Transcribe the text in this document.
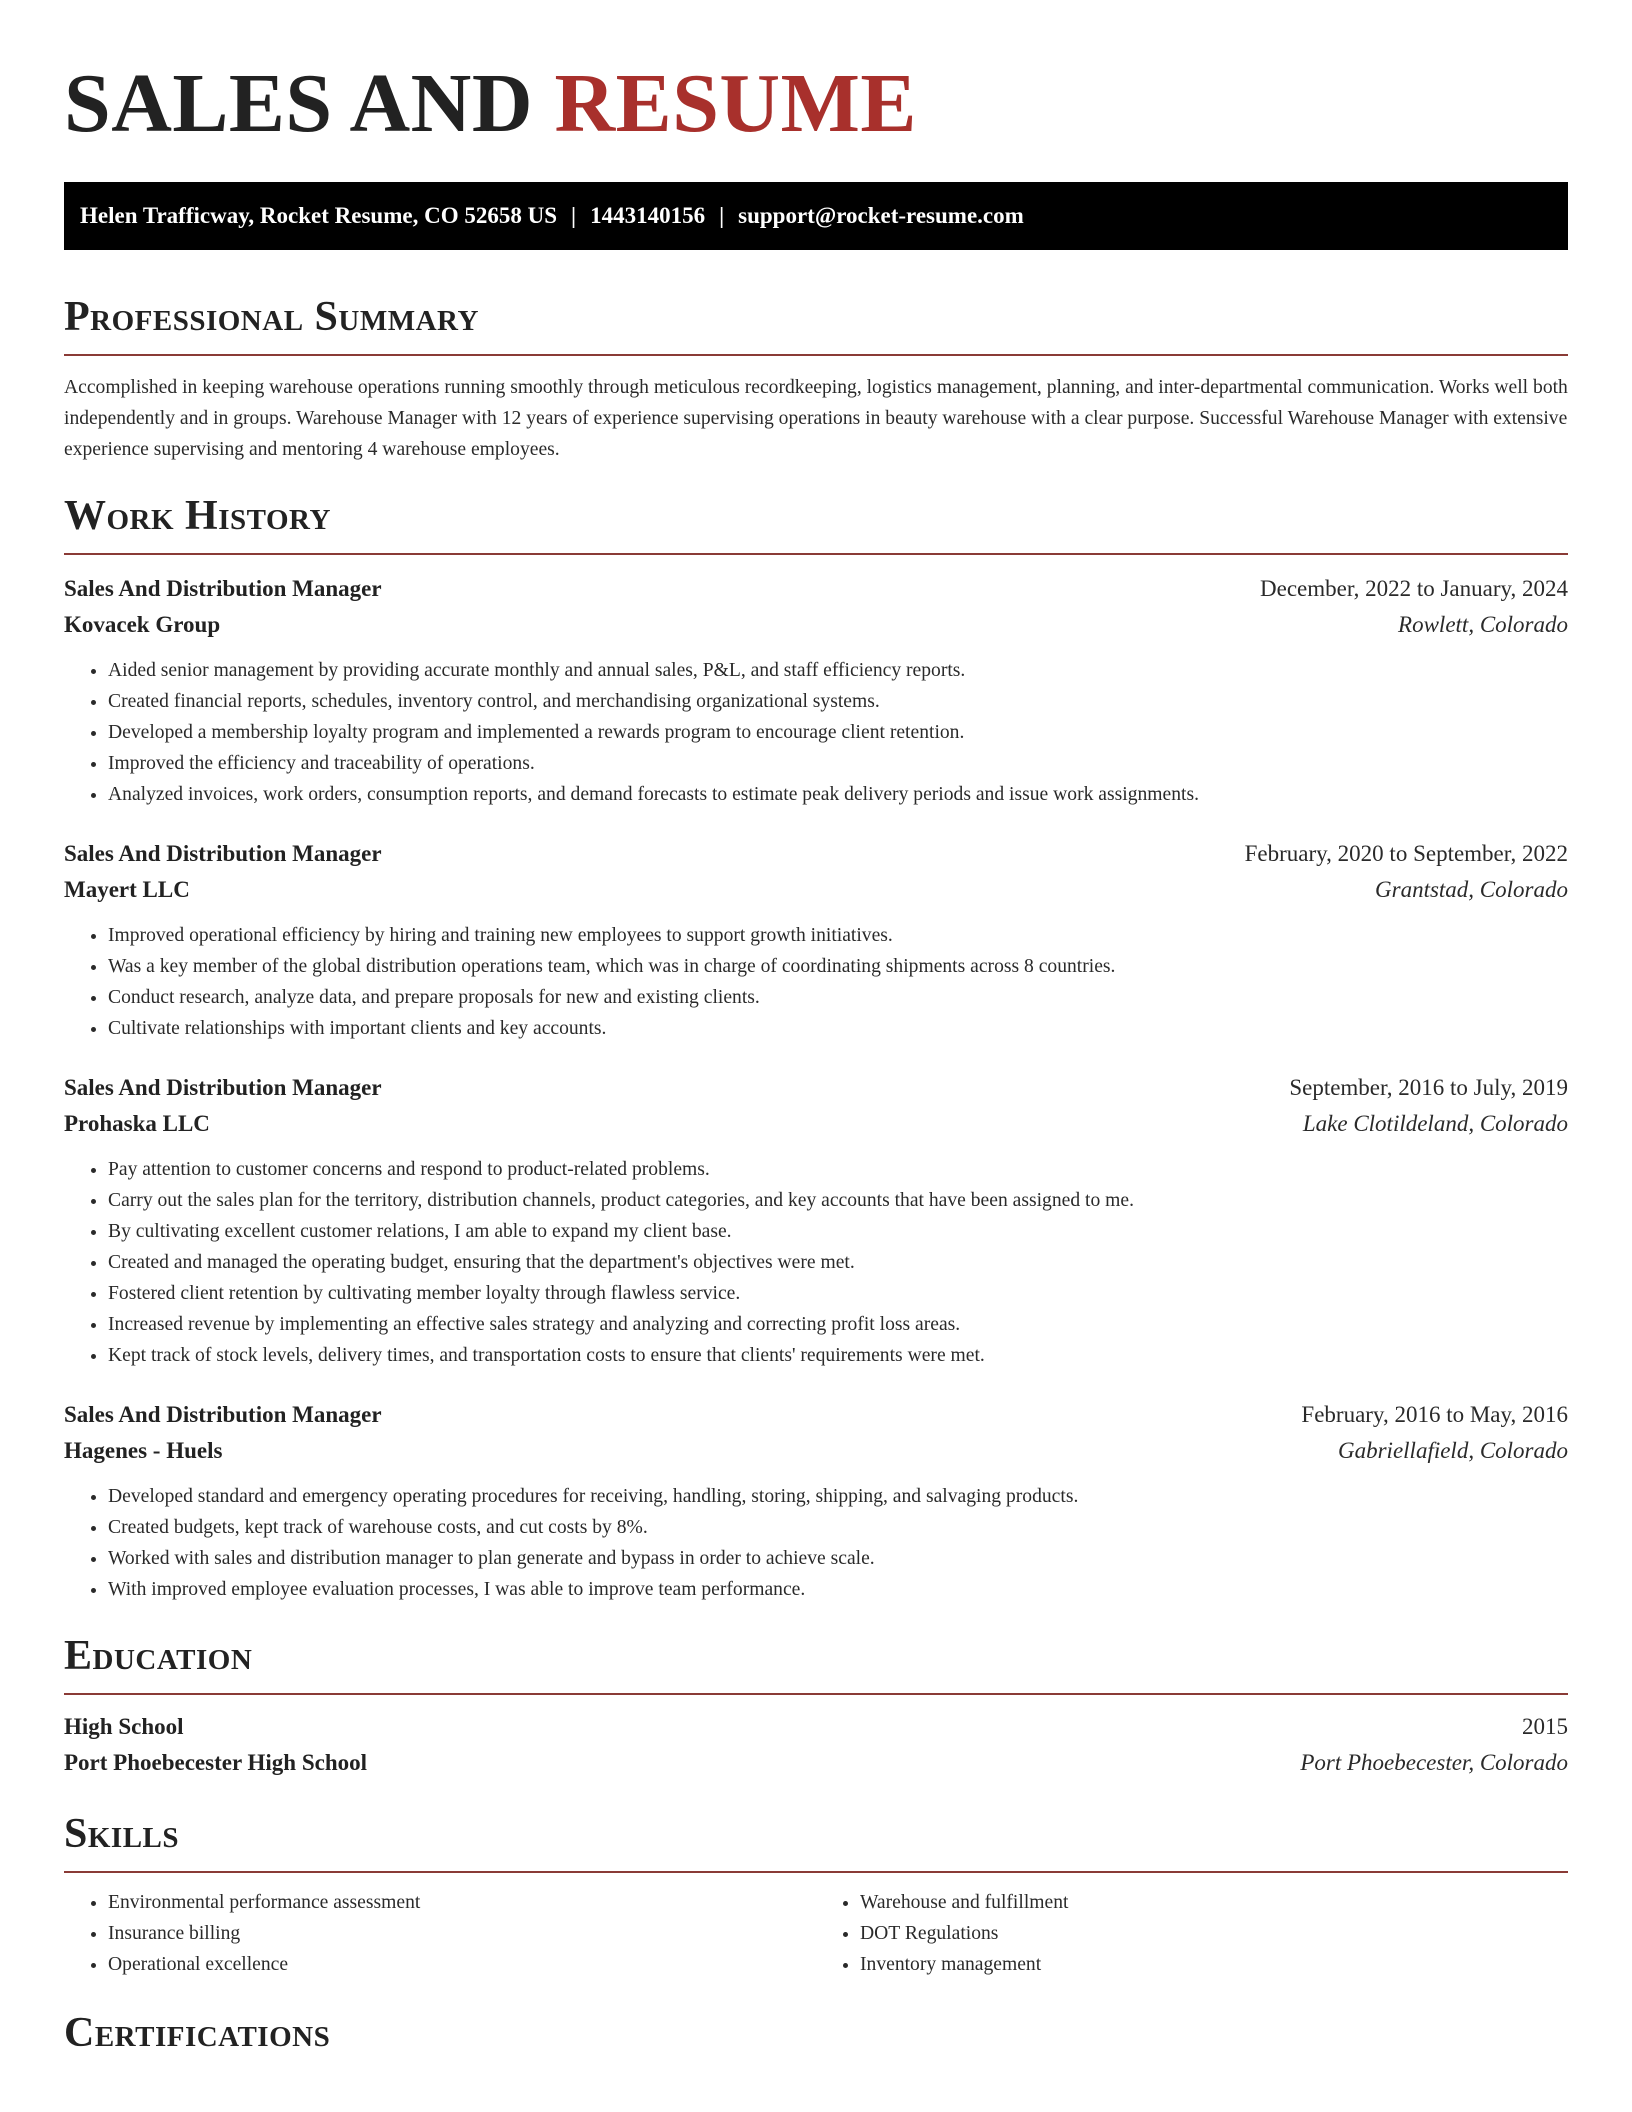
SALES AND RESUME
Helen Trafficway, Rocket Resume, CO 52658 US | 1443140156 | support@rocket-resume.com
Professional Summary

Accomplished in keeping warehouse operations running smoothly through meticulous recordkeeping, logistics management, planning, and inter-departmental communication. Works well both independently and in groups. Warehouse Manager with 12 years of experience supervising operations in beauty warehouse with a clear purpose. Successful Warehouse Manager with extensive experience supervising and mentoring 4 warehouse employees.

Work History
Sales And Distribution Manager	December, 2022 to January, 2024
Kovacek Group	Rowlett, Colorado
• Aided senior management by providing accurate monthly and annual sales, P&L, and staff efficiency reports.
• Created financial reports, schedules, inventory control, and merchandising organizational systems.
• Developed a membership loyalty program and implemented a rewards program to encourage client retention.
• Improved the efficiency and traceability of operations.
• Analyzed invoices, work orders, consumption reports, and demand forecasts to estimate peak delivery periods and issue work assignments.
Sales And Distribution Manager	February, 2020 to September, 2022
Mayert LLC	Grantstad, Colorado
• Improved operational efficiency by hiring and training new employees to support growth initiatives.
• Was a key member of the global distribution operations team, which was in charge of coordinating shipments across 8 countries.
• Conduct research, analyze data, and prepare proposals for new and existing clients.
• Cultivate relationships with important clients and key accounts.
Sales And Distribution Manager	September, 2016 to July, 2019
Prohaska LLC	Lake Clotildeland, Colorado
• Pay attention to customer concerns and respond to product-related problems.
• Carry out the sales plan for the territory, distribution channels, product categories, and key accounts that have been assigned to me.
• By cultivating excellent customer relations, I am able to expand my client base.
• Created and managed the operating budget, ensuring that the department's objectives were met.
• Fostered client retention by cultivating member loyalty through flawless service.
• Increased revenue by implementing an effective sales strategy and analyzing and correcting profit loss areas.
• Kept track of stock levels, delivery times, and transportation costs to ensure that clients' requirements were met.
Sales And Distribution Manager	February, 2016 to May, 2016
Hagenes - Huels	Gabriellafield, Colorado
• Developed standard and emergency operating procedures for receiving, handling, storing, shipping, and salvaging products.
• Created budgets, kept track of warehouse costs, and cut costs by 8%.
• Worked with sales and distribution manager to plan generate and bypass in order to achieve scale.
• With improved employee evaluation processes, I was able to improve team performance.
Education
High School	2015
Port Phoebecester High School	Port Phoebecester, Colorado
Skills
• Environmental performance assessment
• Insurance billing
• Operational excellence
• Warehouse and fulfillment
• DOT Regulations
• Inventory management
Certifications
